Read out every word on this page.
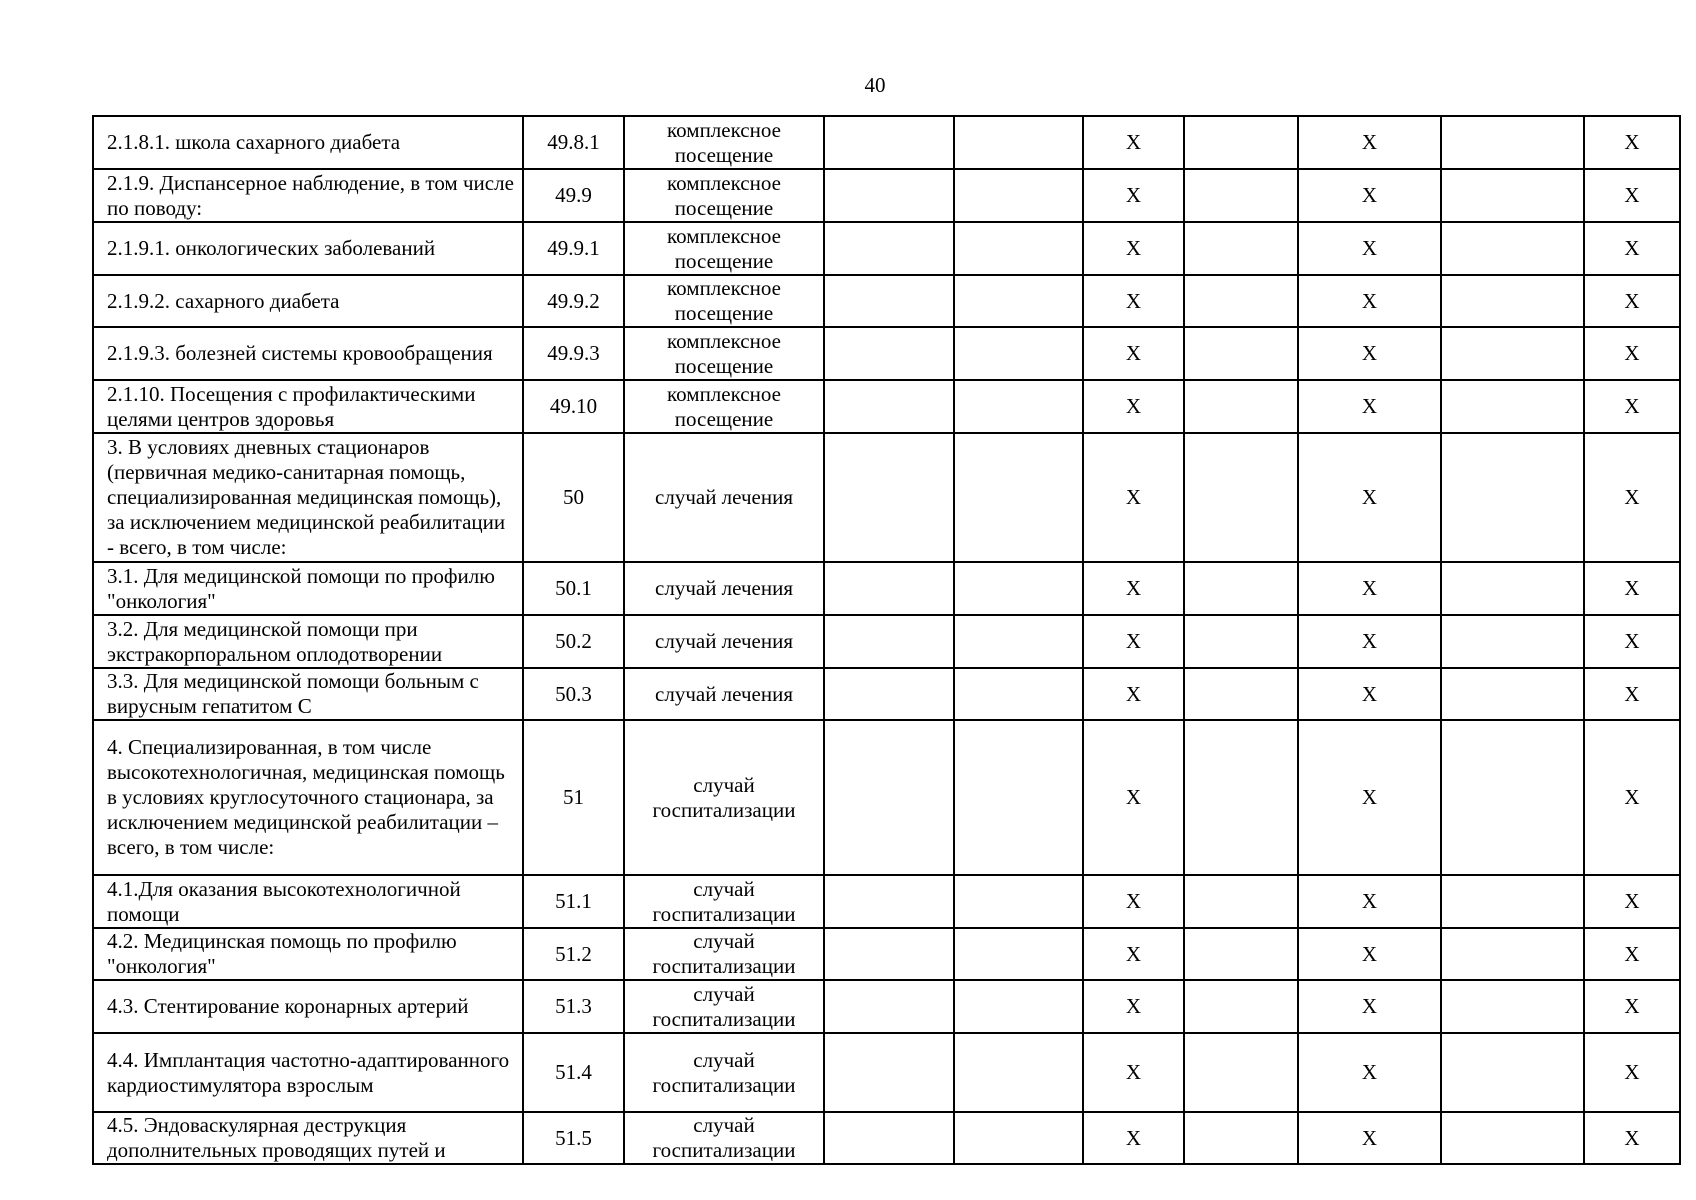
40
2.1.8.1. школа сахарного диабета	49.8.1	комплексное посещение			X		X		X
2.1.9. Диспансерное наблюдение, в том числе по поводу:	49.9	комплексное посещение			X		X		X
2.1.9.1. онкологических заболеваний	49.9.1	комплексное посещение			X		X		X
2.1.9.2. сахарного диабета	49.9.2	комплексное посещение			X		X		X
2.1.9.3. болезней системы кровообращения	49.9.3	комплексное посещение			X		X		X
2.1.10. Посещения с профилактическими целями центров здоровья	49.10	комплексное посещение			X		X		X
3. В условиях дневных стационаров (первичная медико-санитарная помощь, специализированная медицинская помощь), за исключением медицинской реабилитации - всего, в том числе:	50	случай лечения			X		X		X
3.1. Для медицинской помощи по профилю "онкология"	50.1	случай лечения			X		X		X
3.2. Для медицинской помощи при экстракорпоральном оплодотворении	50.2	случай лечения			X		X		X
3.3. Для медицинской помощи больным с вирусным гепатитом С	50.3	случай лечения			X		X		X
4. Специализированная, в том числе высокотехнологичная, медицинская помощь в условиях круглосуточного стационара, за исключением медицинской реабилитации – всего, в том числе:	51	случай госпитализации			X		X		X
4.1.Для оказания высокотехнологичной помощи	51.1	случай госпитализации			X		X		X
4.2. Медицинская помощь по профилю "онкология"	51.2	случай госпитализации			X		X		X
4.3. Стентирование коронарных артерий	51.3	случай госпитализации			X		X		X
4.4. Имплантация частотно-адаптированного кардиостимулятора взрослым	51.4	случай госпитализации			X		X		X
4.5. Эндоваскулярная деструкция дополнительных проводящих путей и	51.5	случай госпитализации			X		X		X
